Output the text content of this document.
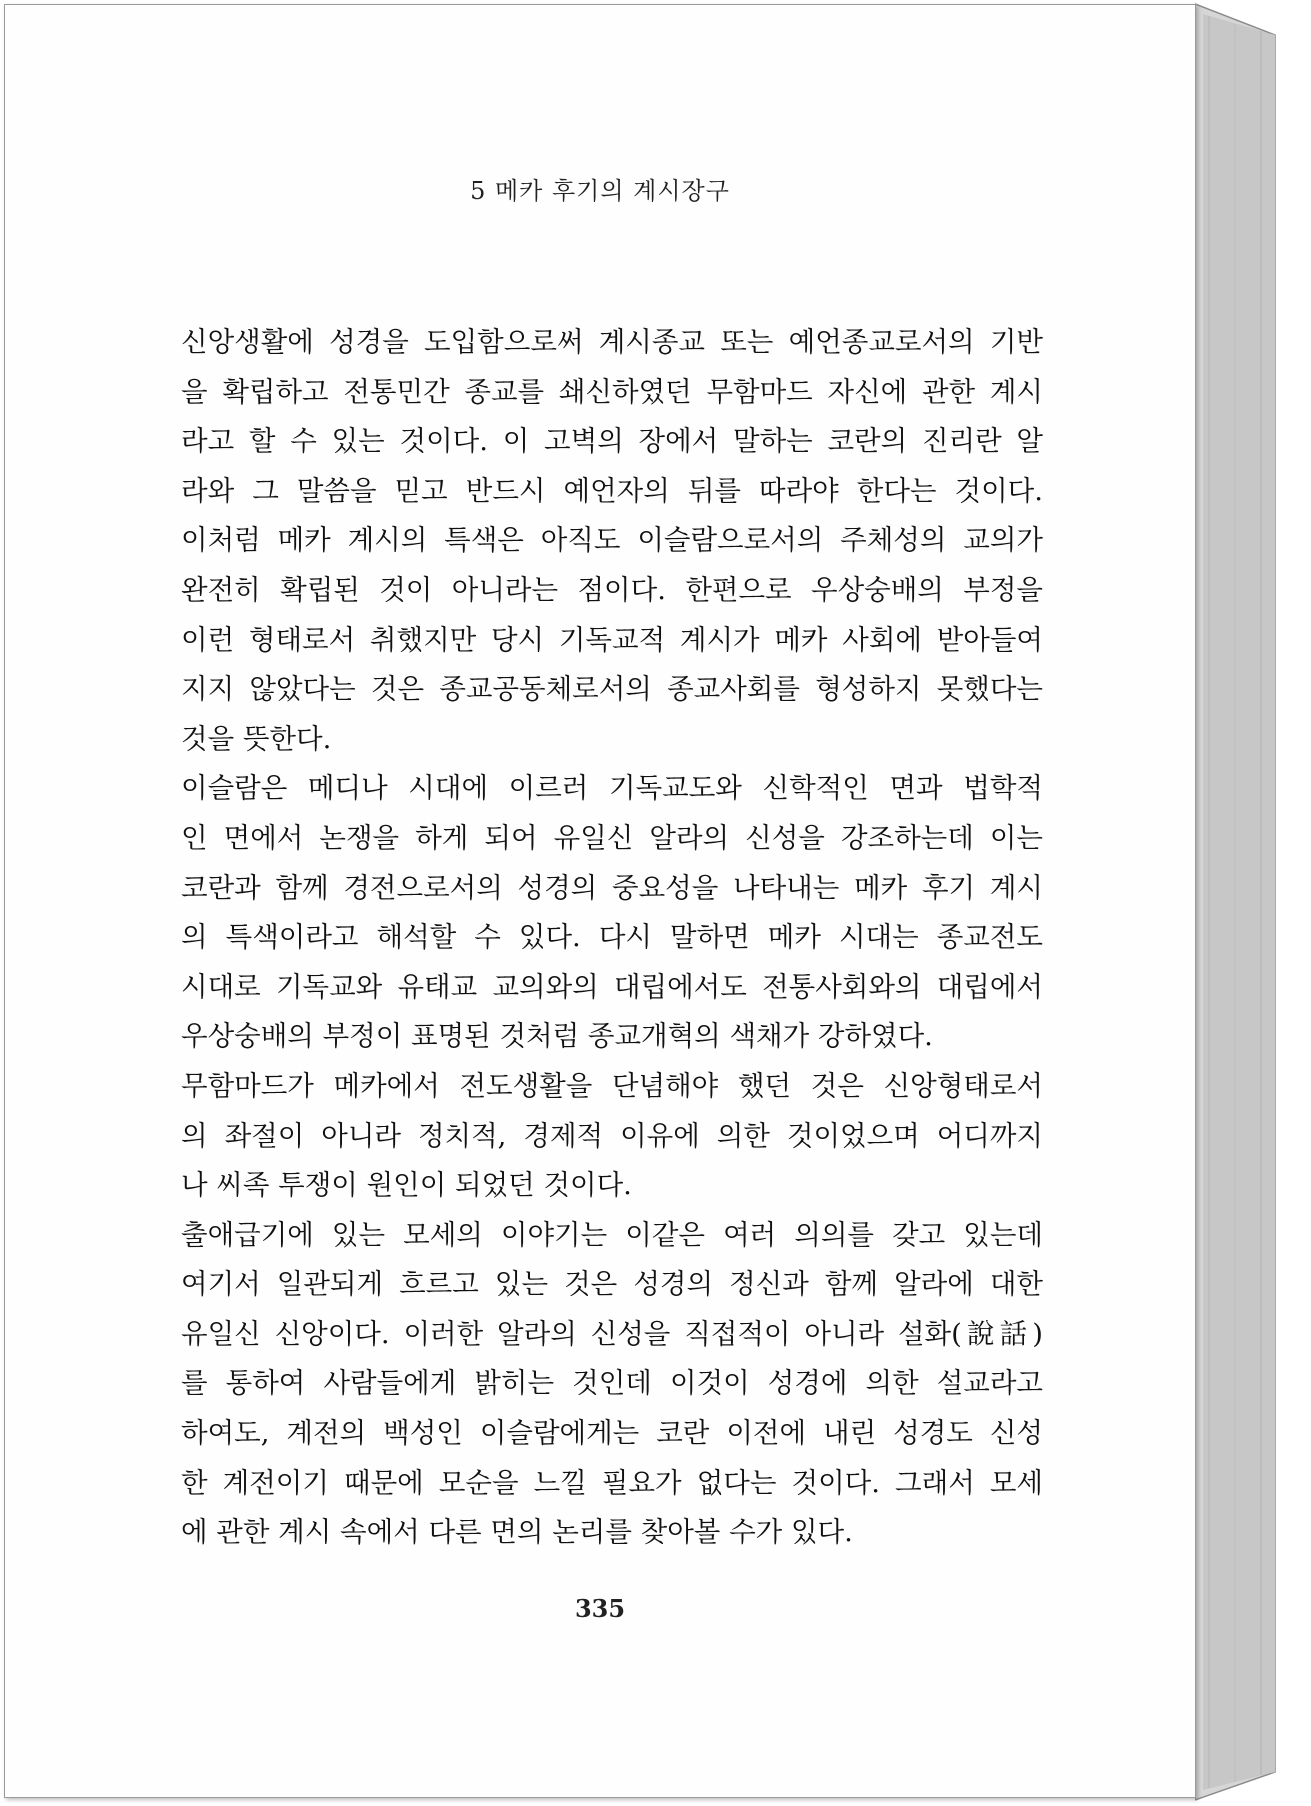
5 메카 후기의 계시장구
신앙생활에 성경을 도입함으로써 계시종교 또는 예언종교로서의 기반
을 확립하고 전통민간 종교를 쇄신하였던 무함마드 자신에 관한 계시
라고 할 수 있는 것이다. 이 고벽의 장에서 말하는 코란의 진리란 알
라와 그 말씀을 믿고 반드시 예언자의 뒤를 따라야 한다는 것이다.
이처럼 메카 계시의 특색은 아직도 이슬람으로서의 주체성의 교의가
완전히 확립된 것이 아니라는 점이다. 한편으로 우상숭배의 부정을
이런 형태로서 취했지만 당시 기독교적 계시가 메카 사회에 받아들여
지지 않았다는 것은 종교공동체로서의 종교사회를 형성하지 못했다는
것을 뜻한다.
이슬람은 메디나 시대에 이르러 기독교도와 신학적인 면과 법학적
인 면에서 논쟁을 하게 되어 유일신 알라의 신성을 강조하는데 이는
코란과 함께 경전으로서의 성경의 중요성을 나타내는 메카 후기 계시
의 특색이라고 해석할 수 있다. 다시 말하면 메카 시대는 종교전도
시대로 기독교와 유태교 교의와의 대립에서도 전통사회와의 대립에서
우상숭배의 부정이 표명된 것처럼 종교개혁의 색채가 강하였다.
무함마드가 메카에서 전도생활을 단념해야 했던 것은 신앙형태로서
의 좌절이 아니라 정치적, 경제적 이유에 의한 것이었으며 어디까지
나 씨족 투쟁이 원인이 되었던 것이다.
출애급기에 있는 모세의 이야기는 이같은 여러 의의를 갖고 있는데
여기서 일관되게 흐르고 있는 것은 성경의 정신과 함께 알라에 대한
유일신 신앙이다. 이러한 알라의 신성을 직접적이 아니라 설화(說話)
를 통하여 사람들에게 밝히는 것인데 이것이 성경에 의한 설교라고
하여도, 계전의 백성인 이슬람에게는 코란 이전에 내린 성경도 신성
한 계전이기 때문에 모순을 느낄 필요가 없다는 것이다. 그래서 모세
에 관한 계시 속에서 다른 면의 논리를 찾아볼 수가 있다.
335
